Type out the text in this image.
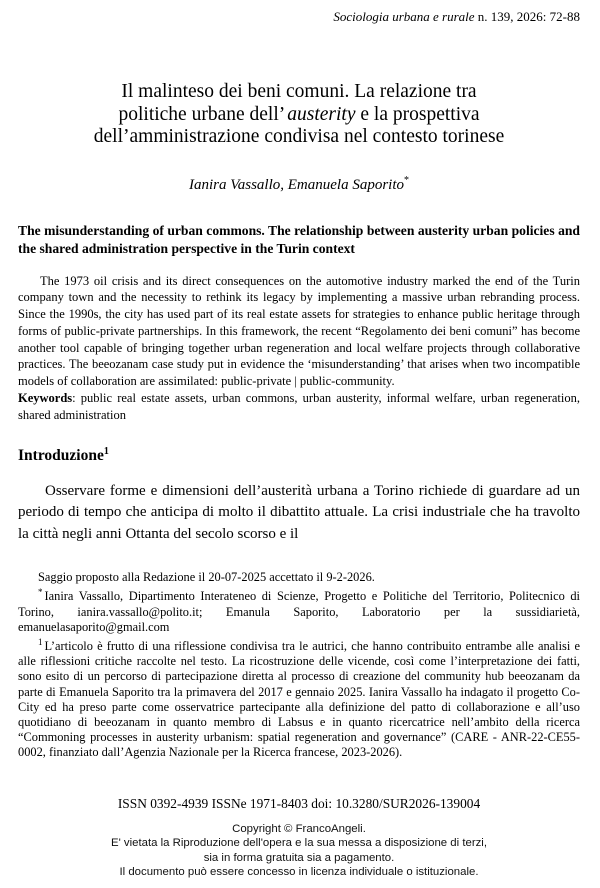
Sociologia urbana e rurale n. 139, 2026: 72-88
Il malinteso dei beni comuni. La relazione tra
politiche urbane dell’ austerity e la prospettiva
dell’amministrazione condivisa nel contesto torinese
Ianira Vassallo, Emanuela Saporito*
The misunderstanding of urban commons. The relationship between austerity urban policies and the shared administration perspective in the Turin context

The 1973 oil crisis and its direct consequences on the automotive industry marked the end of the Turin company town and the necessity to rethink its legacy by implementing a massive urban rebranding process. Since the 1990s, the city has used part of its real estate assets for strategies to enhance public heritage through forms of public-private partnerships. In this framework, the recent “Regolamento dei beni comuni” has become another tool capable of bringing together urban regeneration and local welfare projects through collaborative practices. The beeozanam case study put in evidence the ‘misunderstanding’ that arises when two incompatible models of collaboration are assimilated: public-private | public-community.
Keywords: public real estate assets, urban commons, urban austerity, informal welfare, urban regeneration, shared administration

Introduzione$^1$

Osservare forme e dimensioni dell’austerità urbana a Torino richiede di guardare ad un periodo di tempo che anticipa di molto il dibattito attuale. La crisi industriale che ha travolto la città negli anni Ottanta del secolo scorso e il

Saggio proposto alla Redazione il 20-07-2025 accettato il 9-2-2026.

* Ianira Vassallo, Dipartimento Interateneo di Scienze, Progetto e Politiche del Territorio, Politecnico di Torino, ianira.vassallo@polito.it; Emanula Saporito, Laboratorio per la sussidiarietà, emanuelasaporito@gmail.com

$^1$ L’articolo è frutto di una riflessione condivisa tra le autrici, che hanno contribuito entrambe alle analisi e alle riflessioni critiche raccolte nel testo. La ricostruzione delle vicende, così come l’interpretazione dei fatti, sono esito di un percorso di partecipazione diretta al processo di creazione del community hub beeozanam da parte di Emanuela Saporito tra la primavera del 2017 e gennaio 2025. Ianira Vassallo ha indagato il progetto Co-City ed ha preso parte come osservatrice partecipante alla definizione del patto di collaborazione e all’uso quotidiano di beeozanam in quanto membro di Labsus e in quanto ricercatrice nell’ambito della ricerca “Commoning processes in austerity urbanism: spatial regeneration and governance” (CARE - ANR-22-CE55-0002, finanziato dall’Agenzia Nazionale per la Ricerca francese, 2023-2026).

ISSN 0392-4939 ISSNe 1971-8403 doi: 10.3280/SUR2026-139004
Copyright © FrancoAngeli.
E' vietata la Riproduzione dell'opera e la sua messa a disposizione di terzi,
sia in forma gratuita sia a pagamento.
Il documento può essere concesso in licenza individuale o istituzionale.
